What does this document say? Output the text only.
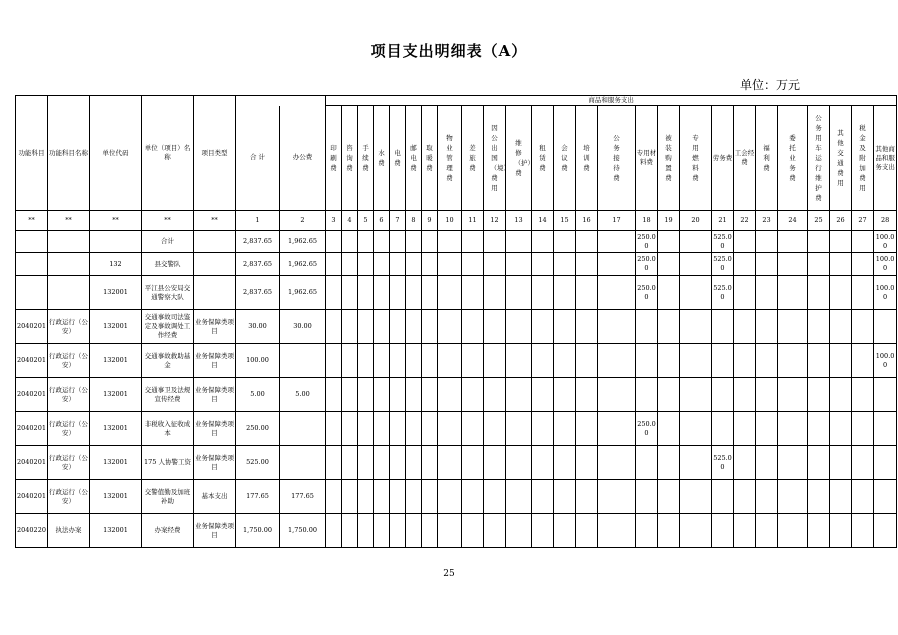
项目支出明细表（A）
单位：万元
功能科目	功能科目名称	单位代码	单位（项目）名称	项目类型			商品和服务支出																									
					合 计	办公费	印刷费	咨询费	手续费	水费	电费	邮电费	取暖费	物业管理费	差旅费	因公出国（境）费用	维修（护）费	租赁费	会议费	培训费	公务接待费	专用材料费	被装购置费	专用燃料费	劳务费	工会经费	福利费	委托业务费	公务用车运行维护费	其他交通费用	税金及附加费用	其他商品和服务支出
**	**	**	**	**	1	2	3	4	5	6	7	8	9	10	11	12	13	14	15	16	17	18	19	20	21	22	23	24	25	26	27	28
			合计		2,837.65	1,962.65																250.00			525.00							100.00
		132	县交警队		2,837.65	1,962.65																250.00			525.00							100.00
		132001	平江县公安局交通警察大队		2,837.65	1,962.65																250.00			525.00							100.00
2040201	行政运行（公安）	132001	交通事故司法鉴定及事故调处工作经费	业务保障类项目	30.00	30.00																										
2040201	行政运行（公安）	132001	交通事故救助基金	业务保障类项目	100.00																											100.00
2040201	行政运行（公安）	132001	交通事卫及法规宣传经费	业务保障类项目	5.00	5.00																										
2040201	行政运行（公安）	132001	非税收入征收成本	业务保障类项目	250.00																	250.00										
2040201	行政运行（公安）	132001	175 人协警工资	业务保障类项目	525.00																				525.00							
2040201	行政运行（公安）	132001	交警值勤及加班补助	基本支出	177.65	177.65																										
2040220	执法办案	132001	办案经费	业务保障类项目	1,750.00	1,750.00																										
25
